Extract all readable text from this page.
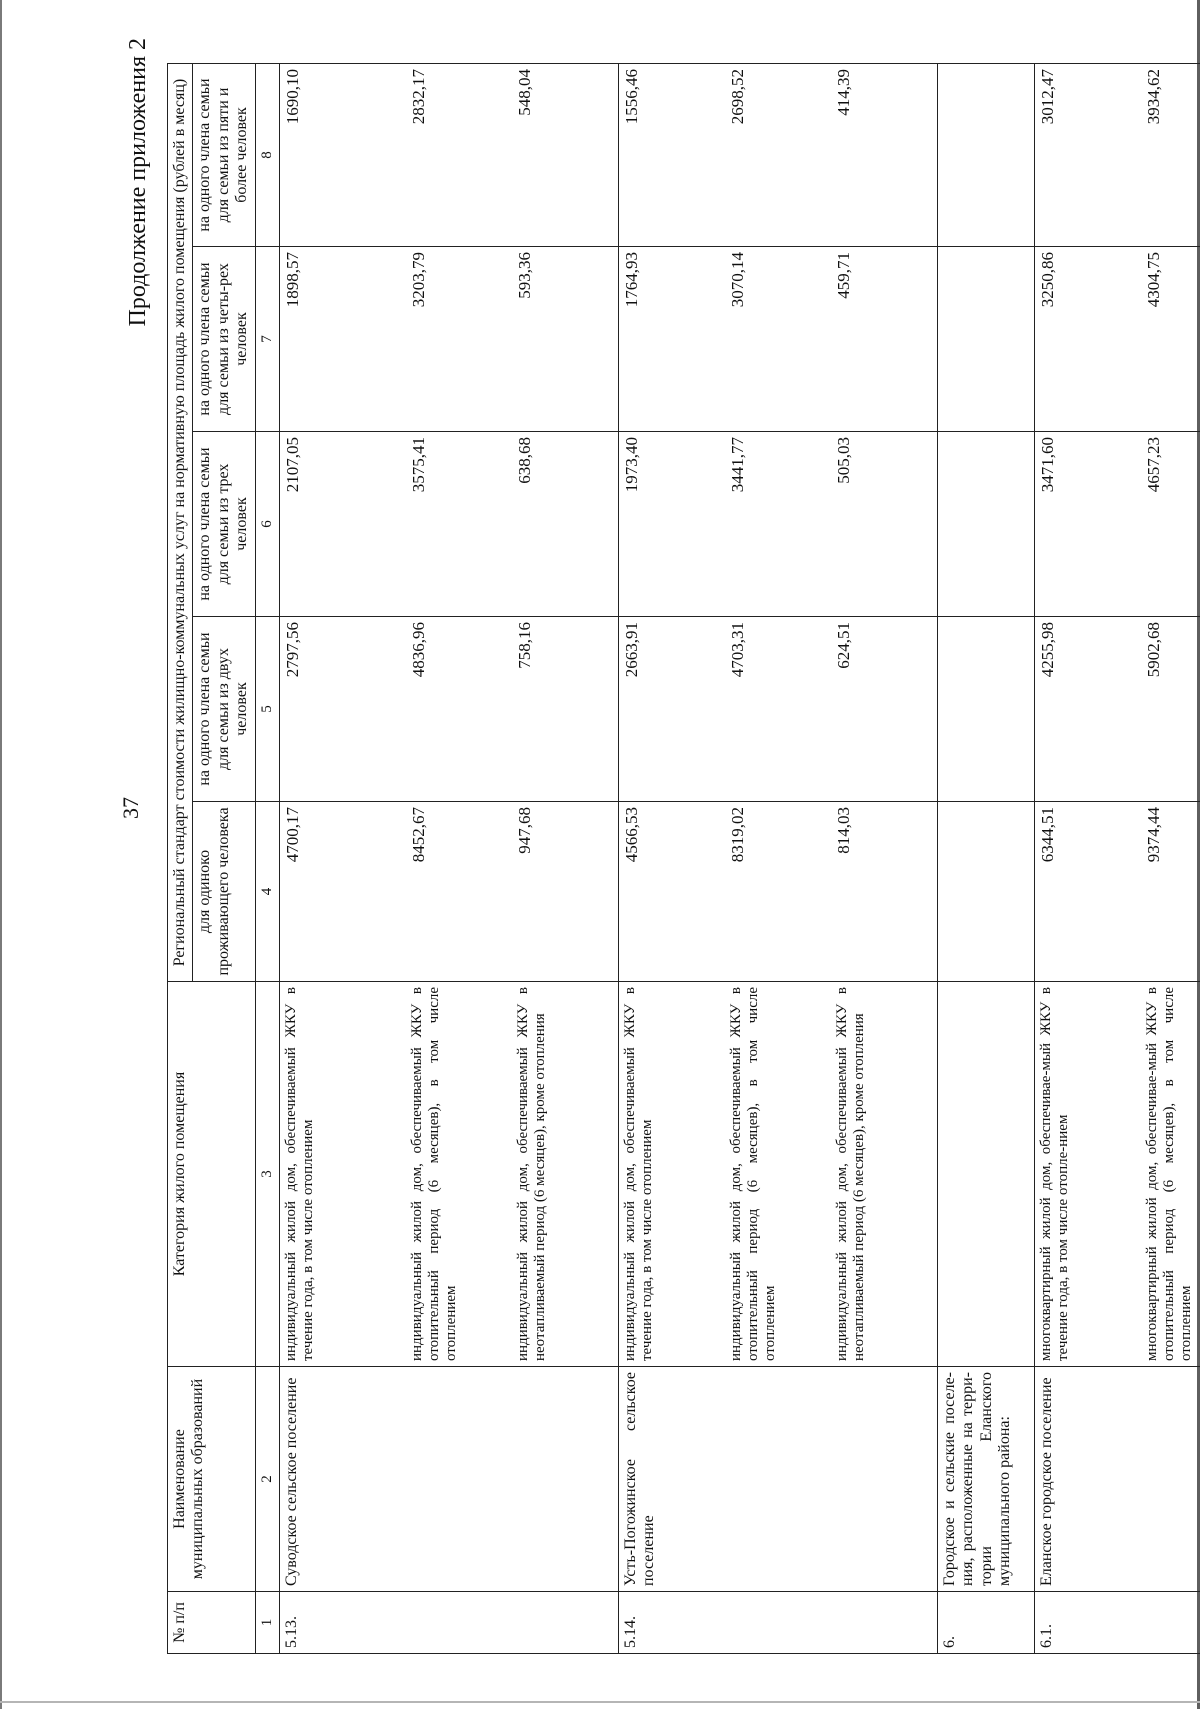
37
Продолжение приложения 2
№ п/п	Наименование муниципальных образований	Категория жилого помещения	Региональный стандарт стоимости жилищно-коммунальных услуг на нормативную площадь жилого помещения (рублей в месяц)				
			для одиноко проживающего человека	на одного члена семьи для семьи из двух человек	на одного члена семьи для семьи из трех человек	на одного члена семьи для семьи из четы-рех человек	на одного члена семьи для семьи из пяти и более человек
1	2	3	4	5	6	7	8
5.13.	Суводское сельское поселение	индивидуальный жилой дом, обеспечиваемый ЖКУ в течение года, в том числе отоплением	4700,17	2797,56	2107,05	1898,57	1690,10
		индивидуальный жилой дом, обеспечиваемый ЖКУ в отопительный период (6 месяцев), в том числе отоплением	8452,67	4836,96	3575,41	3203,79	2832,17
		индивидуальный жилой дом, обеспечиваемый ЖКУ в неотапливаемый период (6 месяцев), кроме отопления	947,68	758,16	638,68	593,36	548,04
5.14.	Усть-Погожинское сельское поселение	индивидуальный жилой дом, обеспечиваемый ЖКУ в течение года, в том числе отоплением	4566,53	2663,91	1973,40	1764,93	1556,46
		индивидуальный жилой дом, обеспечиваемый ЖКУ в отопительный период (6 месяцев), в том числе отоплением	8319,02	4703,31	3441,77	3070,14	2698,52
		индивидуальный жилой дом, обеспечиваемый ЖКУ в неотапливаемый период (6 месяцев), кроме отопления	814,03	624,51	505,03	459,71	414,39
6.	Городское и сельские поселе-ния, расположенные на терри-тории Еланского муниципального района:						
6.1.	Еланское городское поселение	многоквартирный жилой дом, обеспечивае-мый ЖКУ в течение года, в том числе отопле-нием	6344,51	4255,98	3471,60	3250,86	3012,47
		многоквартирный жилой дом, обеспечивае-мый ЖКУ в отопительный период (6 месяцев), в том числе отоплением	9374,44	5902,68	4657,23	4304,75	3934,62
